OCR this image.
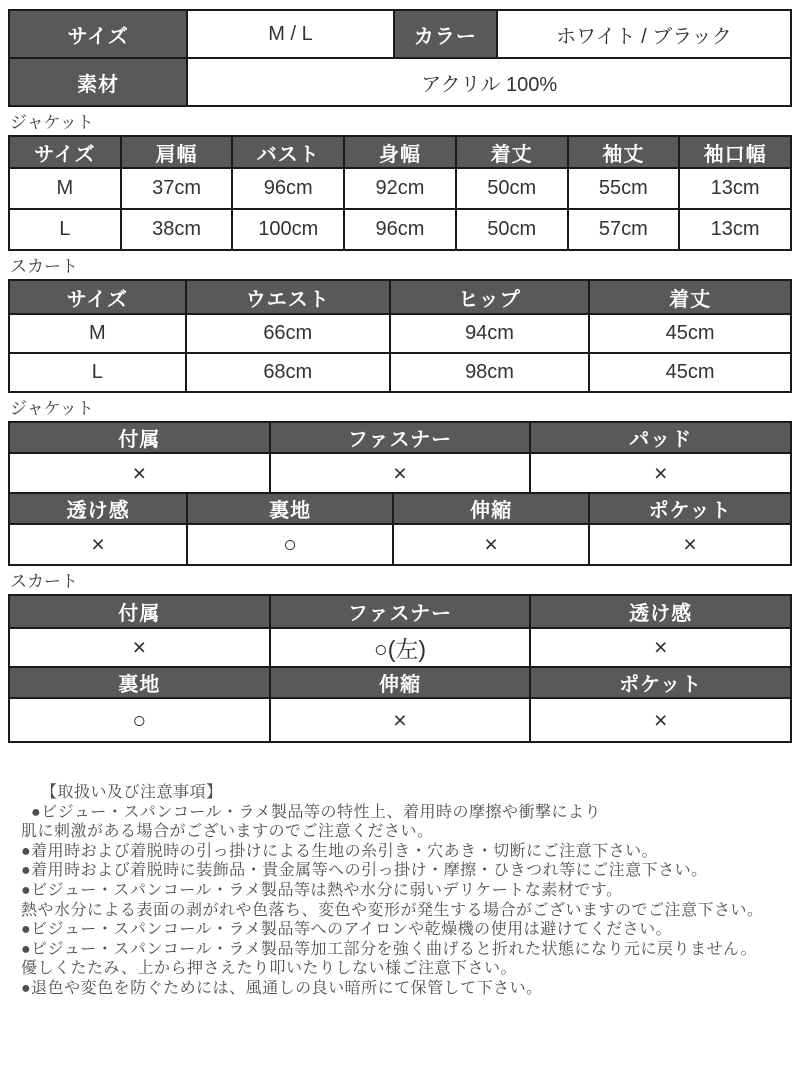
サイズ	M / L	カラー	ホワイト / ブラック
素材	アクリル 100%		
ジャケット
サイズ	肩幅	バスト	身幅	着丈	袖丈	袖口幅
M	37cm	96cm	92cm	50cm	55cm	13cm
L	38cm	100cm	96cm	50cm	57cm	13cm
スカート
サイズ	ウエスト	ヒップ	着丈
M	66cm	94cm	45cm
L	68cm	98cm	45cm
ジャケット
付属	ファスナー	パッド
×	×	×
透け感	裏地	伸縮	ポケット
×	○	×	×
スカート
付属	ファスナー	透け感
×	○(左)	×
裏地	伸縮	ポケット
○	×	×
【取扱い及び注意事項】
●ビジュー・スパンコール・ラメ製品等の特性上、着用時の摩擦や衝撃により
肌に刺激がある場合がございますのでご注意ください。
●着用時および着脱時の引っ掛けによる生地の糸引き・穴あき・切断にご注意下さい。
●着用時および着脱時に装飾品・貴金属等への引っ掛け・摩擦・ひきつれ等にご注意下さい。
●ビジュー・スパンコール・ラメ製品等は熱や水分に弱いデリケートな素材です。
熱や水分による表面の剥がれや色落ち、変色や変形が発生する場合がございますのでご注意下さい。
●ビジュー・スパンコール・ラメ製品等へのアイロンや乾燥機の使用は避けてください。
●ビジュー・スパンコール・ラメ製品等加工部分を強く曲げると折れた状態になり元に戻りません。
優しくたたみ、上から押さえたり叩いたりしない様ご注意下さい。
●退色や変色を防ぐためには、風通しの良い暗所にて保管して下さい。
